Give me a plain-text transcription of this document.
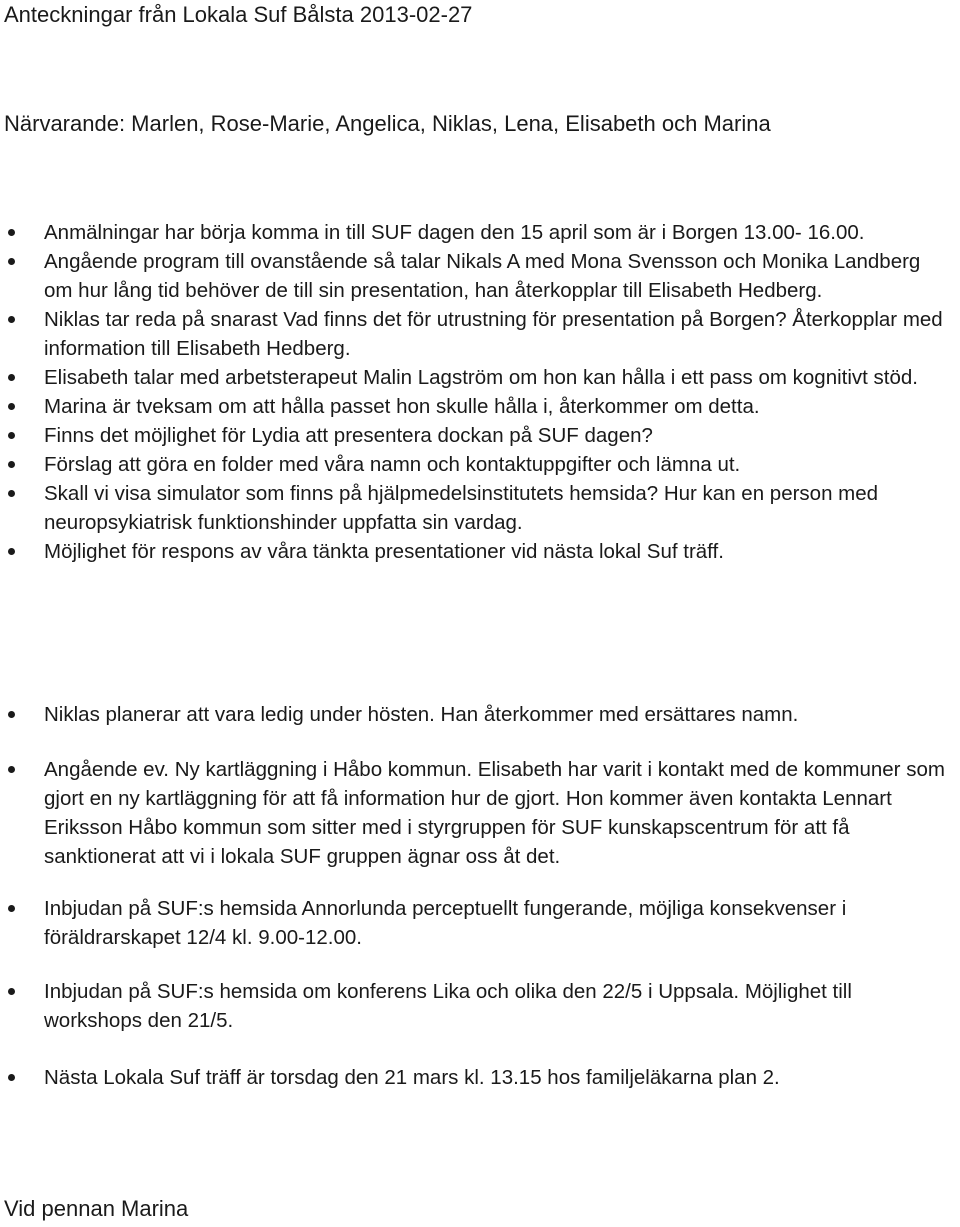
Anteckningar från Lokala Suf Bålsta 2013-02-27
Närvarande: Marlen, Rose-Marie, Angelica, Niklas, Lena, Elisabeth och Marina
Anmälningar har börja komma in till SUF dagen den 15 april som är i Borgen 13.00- 16.00.
Angående program till ovanstående så talar Nikals A med Mona Svensson och Monika Landberg om hur lång tid behöver de till sin presentation, han återkopplar till Elisabeth Hedberg.
Niklas tar reda på snarast Vad finns det för utrustning för presentation på Borgen? Återkopplar med information till Elisabeth Hedberg.
Elisabeth talar med arbetsterapeut Malin Lagström om hon kan hålla i ett pass om kognitivt stöd.
Marina är tveksam om att hålla passet hon skulle hålla i, återkommer om detta.
Finns det möjlighet för Lydia att presentera dockan på SUF dagen?
Förslag att göra en folder med våra namn och kontaktuppgifter och lämna ut.
Skall vi visa simulator som finns på hjälpmedelsinstitutets hemsida? Hur kan en person med neuropsykiatrisk funktionshinder uppfatta sin vardag.
Möjlighet för respons av våra tänkta presentationer vid nästa lokal Suf träff.
Niklas planerar att vara ledig under hösten. Han återkommer med ersättares namn.
Angående ev. Ny kartläggning i Håbo kommun. Elisabeth har varit i kontakt med de kommuner som gjort en ny kartläggning för att få information hur de gjort. Hon kommer även kontakta Lennart Eriksson Håbo kommun som sitter med i styrgruppen för SUF kunskapscentrum för att få sanktionerat att vi i lokala SUF gruppen ägnar oss åt det.
Inbjudan på SUF:s hemsida Annorlunda perceptuellt fungerande, möjliga konsekvenser i föräldrarskapet 12/4 kl. 9.00-12.00.
Inbjudan på SUF:s hemsida om konferens Lika och olika den 22/5 i Uppsala. Möjlighet till workshops den 21/5.
Nästa Lokala Suf träff är torsdag den 21 mars kl. 13.15 hos familjeläkarna plan 2.
Vid pennan Marina
